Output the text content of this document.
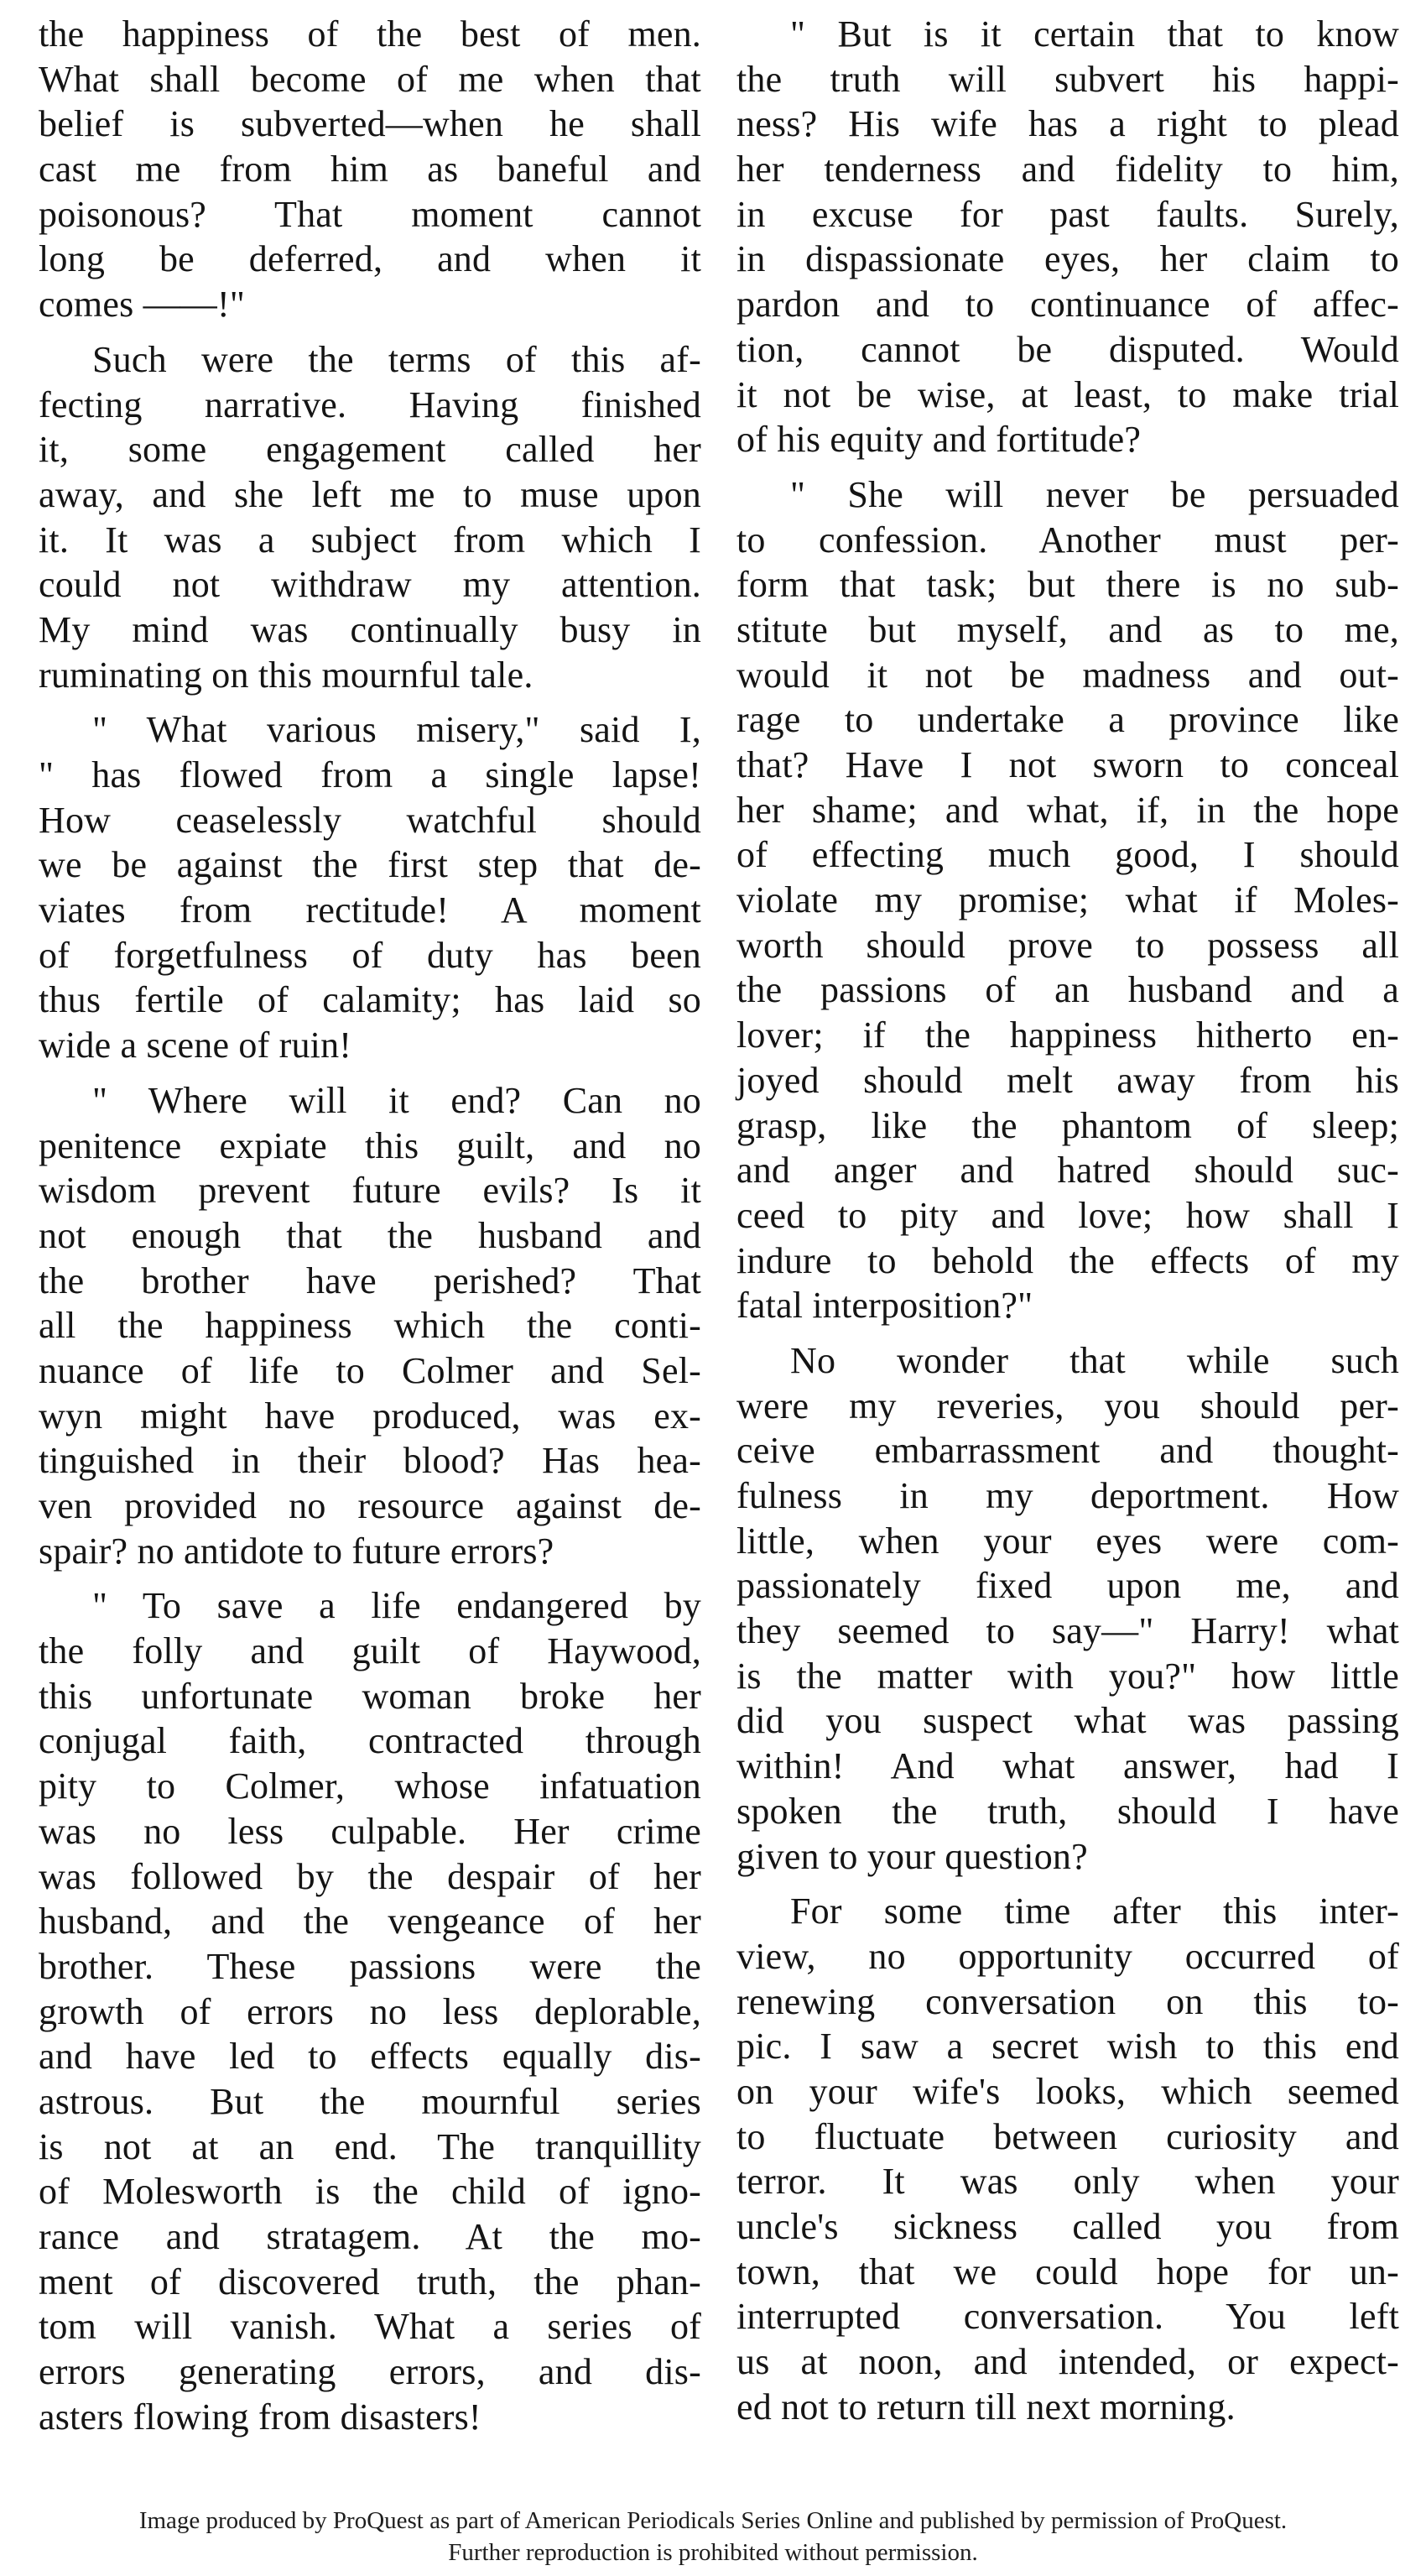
the happiness of the best of men.
What shall become of me when that
belief is subverted—when he shall
cast me from him as baneful and
poisonous? That moment cannot
long be deferred, and when it
comes ——!"
Such were the terms of this af-
fecting narrative. Having finished
it, some engagement called her
away, and she left me to muse upon
it. It was a subject from which I
could not withdraw my attention.
My mind was continually busy in
ruminating on this mournful tale.
" What various misery," said I,
" has flowed from a single lapse!
How ceaselessly watchful should
we be against the first step that de-
viates from rectitude! A moment
of forgetfulness of duty has been
thus fertile of calamity; has laid so
wide a scene of ruin!
" Where will it end? Can no
penitence expiate this guilt, and no
wisdom prevent future evils? Is it
not enough that the husband and
the brother have perished? That
all the happiness which the conti-
nuance of life to Colmer and Sel-
wyn might have produced, was ex-
tinguished in their blood? Has hea-
ven provided no resource against de-
spair? no antidote to future errors?
" To save a life endangered by
the folly and guilt of Haywood,
this unfortunate woman broke her
conjugal faith, contracted through
pity to Colmer, whose infatuation
was no less culpable. Her crime
was followed by the despair of her
husband, and the vengeance of her
brother. These passions were the
growth of errors no less deplorable,
and have led to effects equally dis-
astrous. But the mournful series
is not at an end. The tranquillity
of Molesworth is the child of igno-
rance and stratagem. At the mo-
ment of discovered truth, the phan-
tom will vanish. What a series of
errors generating errors, and dis-
asters flowing from disasters!
" But is it certain that to know
the truth will subvert his happi-
ness? His wife has a right to plead
her tenderness and fidelity to him,
in excuse for past faults. Surely,
in dispassionate eyes, her claim to
pardon and to continuance of affec-
tion, cannot be disputed. Would
it not be wise, at least, to make trial
of his equity and fortitude?
" She will never be persuaded
to confession. Another must per-
form that task; but there is no sub-
stitute but myself, and as to me,
would it not be madness and out-
rage to undertake a province like
that? Have I not sworn to conceal
her shame; and what, if, in the hope
of effecting much good, I should
violate my promise; what if Moles-
worth should prove to possess all
the passions of an husband and a
lover; if the happiness hitherto en-
joyed should melt away from his
grasp, like the phantom of sleep;
and anger and hatred should suc-
ceed to pity and love; how shall I
indure to behold the effects of my
fatal interposition?"
No wonder that while such
were my reveries, you should per-
ceive embarrassment and thought-
fulness in my deportment. How
little, when your eyes were com-
passionately fixed upon me, and
they seemed to say—" Harry! what
is the matter with you?" how little
did you suspect what was passing
within! And what answer, had I
spoken the truth, should I have
given to your question?
For some time after this inter-
view, no opportunity occurred of
renewing conversation on this to-
pic. I saw a secret wish to this end
on your wife's looks, which seemed
to fluctuate between curiosity and
terror. It was only when your
uncle's sickness called you from
town, that we could hope for un-
interrupted conversation. You left
us at noon, and intended, or expect-
ed not to return till next morning.
Image produced by ProQuest as part of American Periodicals Series Online and published by permission of ProQuest.
Further reproduction is prohibited without permission.
